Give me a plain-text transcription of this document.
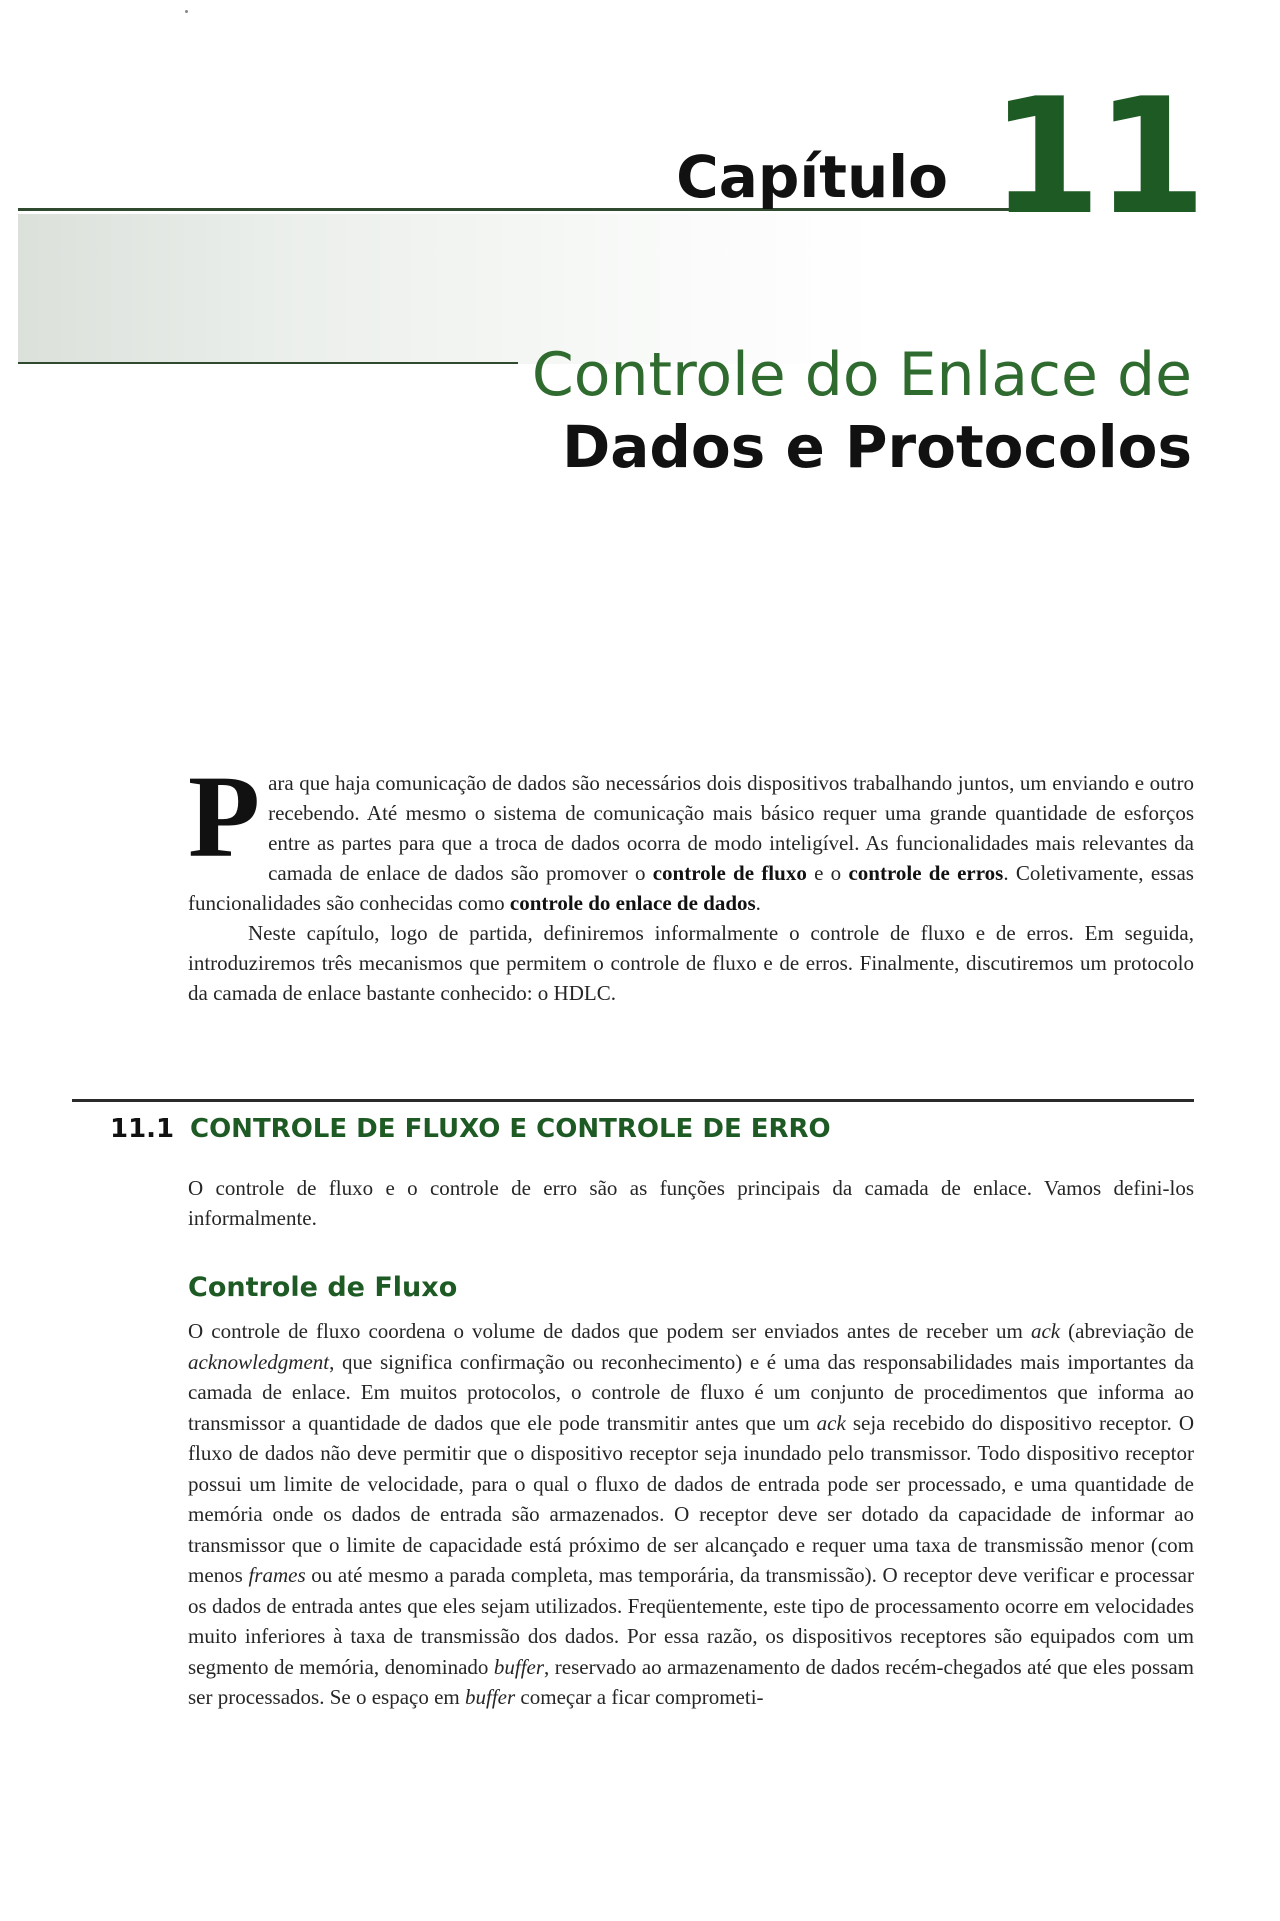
Capítulo 11
Controle do Enlace de
Dados e Protocolos

Para que haja comunicação de dados são necessários dois dispositivos trabalhando juntos, um enviando e outro recebendo. Até mesmo o sistema de comunicação mais básico requer uma grande quantidade de esforços entre as partes para que a troca de dados ocorra de modo inteligível. As funcionalidades mais relevantes da camada de enlace de dados são promover o controle de fluxo e o controle de erros. Coletivamente, essas funcionalidades são conhecidas como controle do enlace de dados.

Neste capítulo, logo de partida, definiremos informalmente o controle de fluxo e de erros. Em seguida, introduziremos três mecanismos que permitem o controle de fluxo e de erros. Finalmente, discutiremos um protocolo da camada de enlace bastante conhecido: o HDLC.

11.1 CONTROLE DE FLUXO E CONTROLE DE ERRO

O controle de fluxo e o controle de erro são as funções principais da camada de enlace. Vamos defini-los informalmente.

Controle de Fluxo

O controle de fluxo coordena o volume de dados que podem ser enviados antes de receber um ack (abreviação de acknowledgment, que significa confirmação ou reconhecimento) e é uma das responsabilidades mais importantes da camada de enlace. Em muitos protocolos, o controle de fluxo é um conjunto de procedimentos que informa ao transmissor a quantidade de dados que ele pode transmitir antes que um ack seja recebido do dispositivo receptor. O fluxo de dados não deve permitir que o dispositivo receptor seja inundado pelo transmissor. Todo dispositivo receptor possui um limite de velocidade, para o qual o fluxo de dados de entrada pode ser processado, e uma quantidade de memória onde os dados de entrada são armazenados. O receptor deve ser dotado da capacidade de informar ao transmissor que o limite de capacidade está próximo de ser alcançado e requer uma taxa de transmissão menor (com menos frames ou até mesmo a parada completa, mas temporária, da transmissão). O receptor deve verificar e processar os dados de entrada antes que eles sejam utilizados. Freqüentemente, este tipo de processamento ocorre em velocidades muito inferiores à taxa de transmissão dos dados. Por essa razão, os dispositivos receptores são equipados com um segmento de memória, denominado buffer, reservado ao armazenamento de dados recém-chegados até que eles possam ser processados. Se o espaço em buffer começar a ficar comprometi-
